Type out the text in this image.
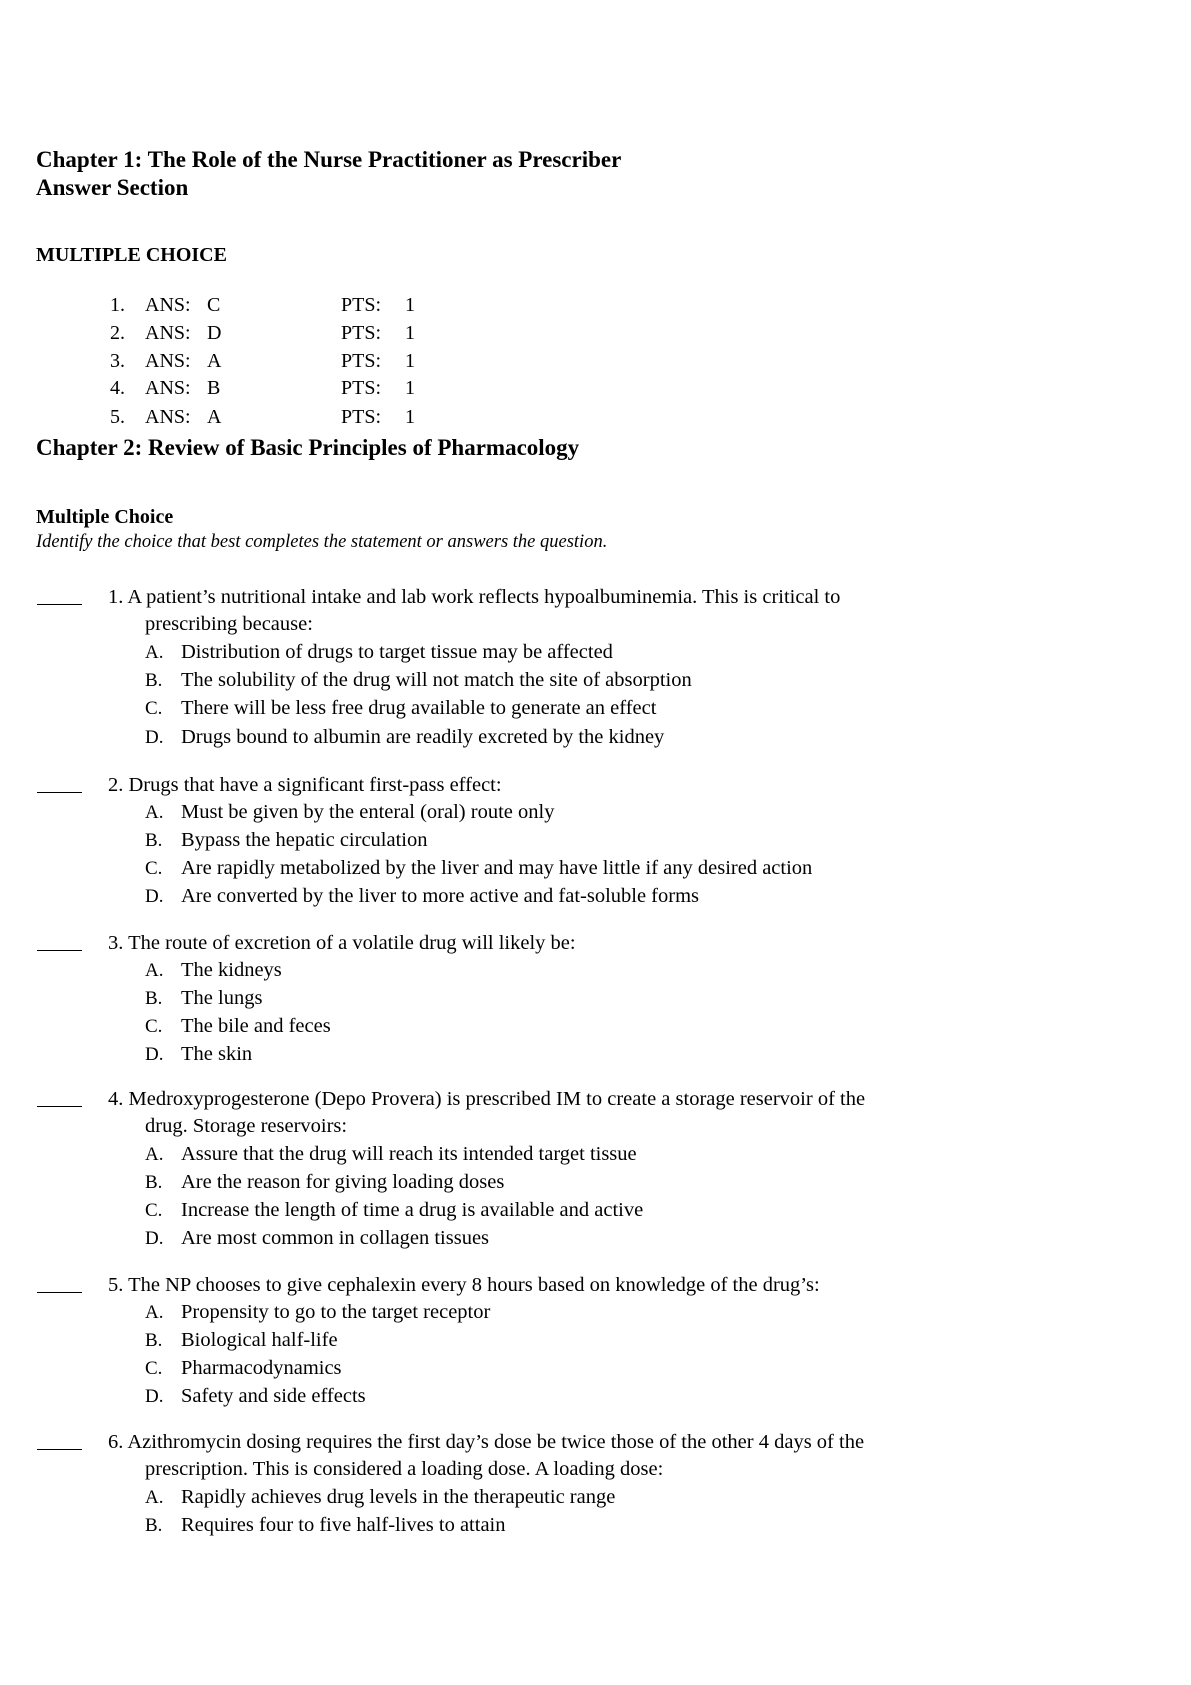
Chapter 1: The Role of the Nurse Practitioner as Prescriber
Answer Section
MULTIPLE CHOICE
1. ANS: C	PTS: 1
2. ANS: D	PTS: 1
3. ANS: A	PTS: 1
4. ANS: B	PTS: 1
5. ANS: A	PTS: 1
Chapter 2: Review of Basic Principles of Pharmacology
Multiple Choice
Identify the choice that best completes the statement or answers the question.
1. A patient’s nutritional intake and lab work reflects hypoalbuminemia. This is critical to
prescribing because:
A. Distribution of drugs to target tissue may be affected
B. The solubility of the drug will not match the site of absorption
C. There will be less free drug available to generate an effect
D. Drugs bound to albumin are readily excreted by the kidney
2. Drugs that have a significant first-pass effect:
A. Must be given by the enteral (oral) route only
B. Bypass the hepatic circulation
C. Are rapidly metabolized by the liver and may have little if any desired action
D. Are converted by the liver to more active and fat-soluble forms
3. The route of excretion of a volatile drug will likely be:
A. The kidneys
B. The lungs
C. The bile and feces
D. The skin
4. Medroxyprogesterone (Depo Provera) is prescribed IM to create a storage reservoir of the
drug. Storage reservoirs:
A. Assure that the drug will reach its intended target tissue
B. Are the reason for giving loading doses
C. Increase the length of time a drug is available and active
D. Are most common in collagen tissues
5. The NP chooses to give cephalexin every 8 hours based on knowledge of the drug’s:
A. Propensity to go to the target receptor
B. Biological half-life
C. Pharmacodynamics
D. Safety and side effects
6. Azithromycin dosing requires the first day’s dose be twice those of the other 4 days of the
prescription. This is considered a loading dose. A loading dose:
A. Rapidly achieves drug levels in the therapeutic range
B. Requires four to five half-lives to attain
